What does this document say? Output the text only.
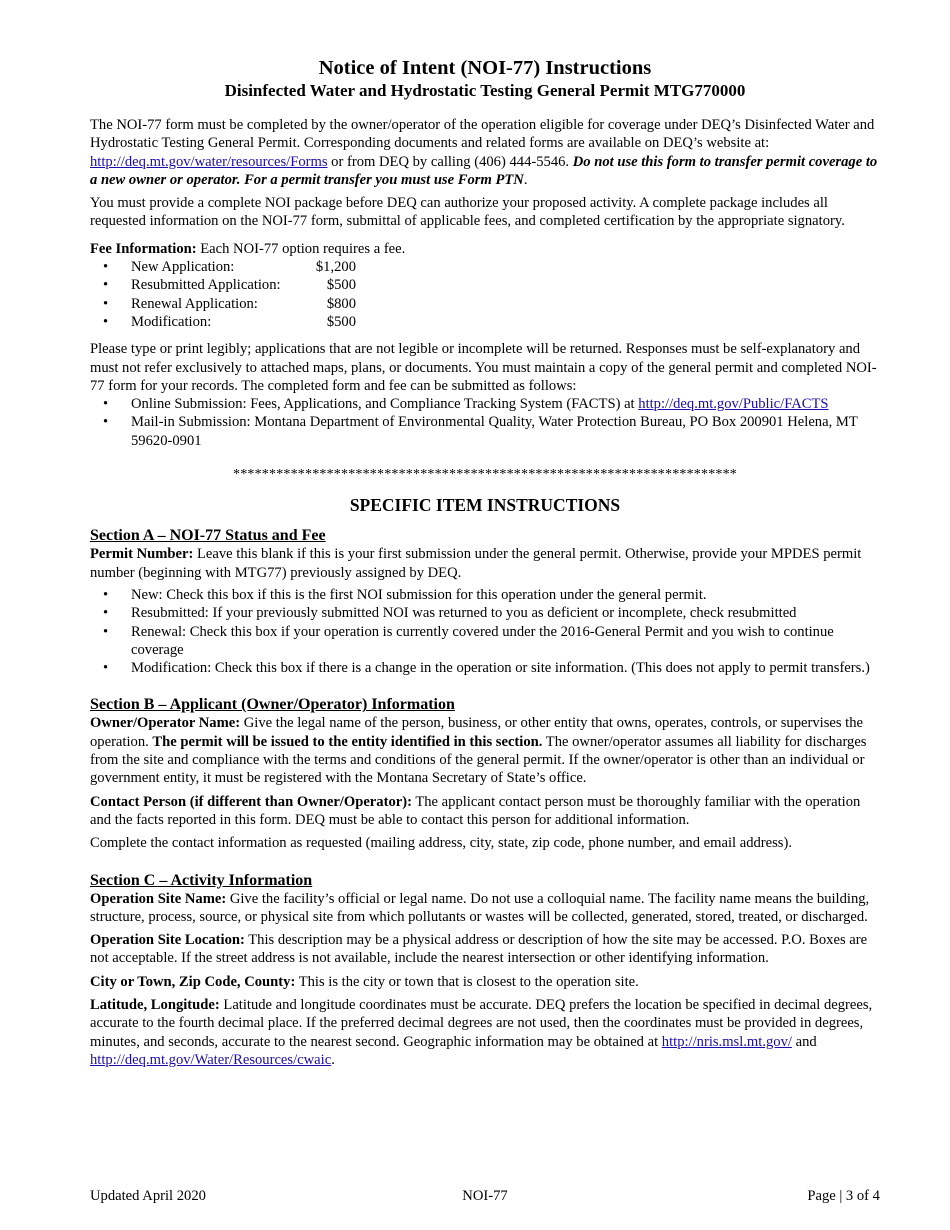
Notice of Intent (NOI-77) Instructions
Disinfected Water and Hydrostatic Testing General Permit MTG770000

The NOI-77 form must be completed by the owner/operator of the operation eligible for coverage under DEQ’s Disinfected Water and Hydrostatic Testing General Permit. Corresponding documents and related forms are available on DEQ’s website at: http://deq.mt.gov/water/resources/Forms or from DEQ by calling (406) 444-5546. Do not use this form to transfer permit coverage to a new owner or operator. For a permit transfer you must use Form PTN.

You must provide a complete NOI package before DEQ can authorize your proposed activity. A complete package includes all requested information on the NOI-77 form, submittal of applicable fees, and completed certification by the appropriate signatory.

Fee Information: Each NOI-77 option requires a fee.

• New Application:	$1,200
• Resubmitted Application:	$500
• Renewal Application:	$800
• Modification:	$500

Please type or print legibly; applications that are not legible or incomplete will be returned. Responses must be self-explanatory and must not refer exclusively to attached maps, plans, or documents. You must maintain a copy of the general permit and completed NOI-77 form for your records. The completed form and fee can be submitted as follows:

• Online Submission: Fees, Applications, and Compliance Tracking System (FACTS) at http://deq.mt.gov/Public/FACTS
• Mail-in Submission: Montana Department of Environmental Quality, Water Protection Bureau, PO Box 200901 Helena, MT 59620-0901
**********************************************************************
SPECIFIC ITEM INSTRUCTIONS
Section A – NOI-77 Status and Fee

Permit Number: Leave this blank if this is your first submission under the general permit. Otherwise, provide your MPDES permit number (beginning with MTG77) previously assigned by DEQ.

• New: Check this box if this is the first NOI submission for this operation under the general permit.
• Resubmitted: If your previously submitted NOI was returned to you as deficient or incomplete, check resubmitted
• Renewal: Check this box if your operation is currently covered under the 2016-General Permit and you wish to continue coverage
• Modification: Check this box if there is a change in the operation or site information. (This does not apply to permit transfers.)
Section B – Applicant (Owner/Operator) Information

Owner/Operator Name: Give the legal name of the person, business, or other entity that owns, operates, controls, or supervises the operation. The permit will be issued to the entity identified in this section. The owner/operator assumes all liability for discharges from the site and compliance with the terms and conditions of the general permit. If the owner/operator is other than an individual or government entity, it must be registered with the Montana Secretary of State’s office.

Contact Person (if different than Owner/Operator): The applicant contact person must be thoroughly familiar with the operation and the facts reported in this form. DEQ must be able to contact this person for additional information.

Complete the contact information as requested (mailing address, city, state, zip code, phone number, and email address).

Section C – Activity Information

Operation Site Name: Give the facility’s official or legal name. Do not use a colloquial name. The facility name means the building, structure, process, source, or physical site from which pollutants or wastes will be collected, generated, stored, treated, or discharged.

Operation Site Location: This description may be a physical address or description of how the site may be accessed. P.O. Boxes are not acceptable. If the street address is not available, include the nearest intersection or other identifying information.

City or Town, Zip Code, County: This is the city or town that is closest to the operation site.

Latitude, Longitude: Latitude and longitude coordinates must be accurate. DEQ prefers the location be specified in decimal degrees, accurate to the fourth decimal place. If the preferred decimal degrees are not used, then the coordinates must be provided in degrees, minutes, and seconds, accurate to the nearest second. Geographic information may be obtained at http://nris.msl.mt.gov/ and http://deq.mt.gov/Water/Resources/cwaic.

Updated April 2020	NOI-77	Page | 3 of 4
